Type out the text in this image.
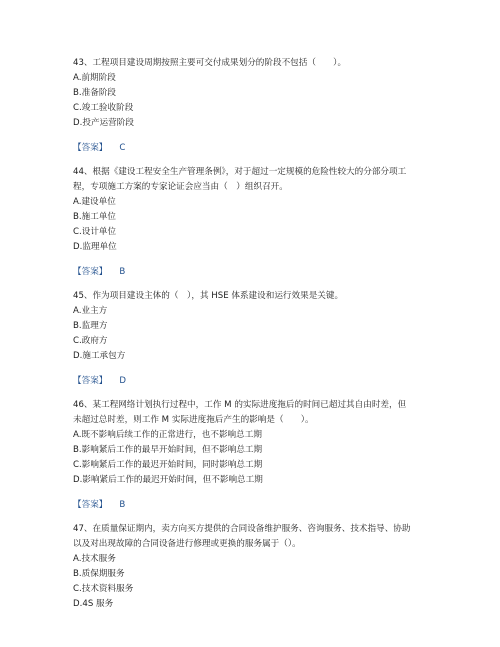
43、工程项目建设周期按照主要可交付成果划分的阶段不包括（　　）。
A.前期阶段
B.准备阶段
C.竣工验收阶段
D.投产运营阶段
【答案】 C
44、根据《建设工程安全生产管理条例》，对于超过一定规模的危险性较大的分部分项工
程，专项施工方案的专家论证会应当由（　）组织召开。
A.建设单位
B.施工单位
C.设计单位
D.监理单位
【答案】 B
45、作为项目建设主体的（　），其 HSE 体系建设和运行效果是关键。
A.业主方
B.监理方
C.政府方
D.施工承包方
【答案】 D
46、某工程网络计划执行过程中，工作 M 的实际进度拖后的时间已超过其自由时差，但
未超过总时差，则工作 M 实际进度拖后产生的影响是（　　）。
A.既不影响后续工作的正常进行，也不影响总工期
B.影响紧后工作的最早开始时间，但不影响总工期
C.影响紧后工作的最迟开始时间，同时影响总工期
D.影响紧后工作的最迟开始时间，但不影响总工期
【答案】 B
47、在质量保证期内，卖方向买方提供的合同设备维护服务、咨询服务、技术指导、协助
以及对出现故障的合同设备进行修理或更换的服务属于（）。
A.技术服务
B.质保期服务
C.技术资料服务
D.4S 服务
